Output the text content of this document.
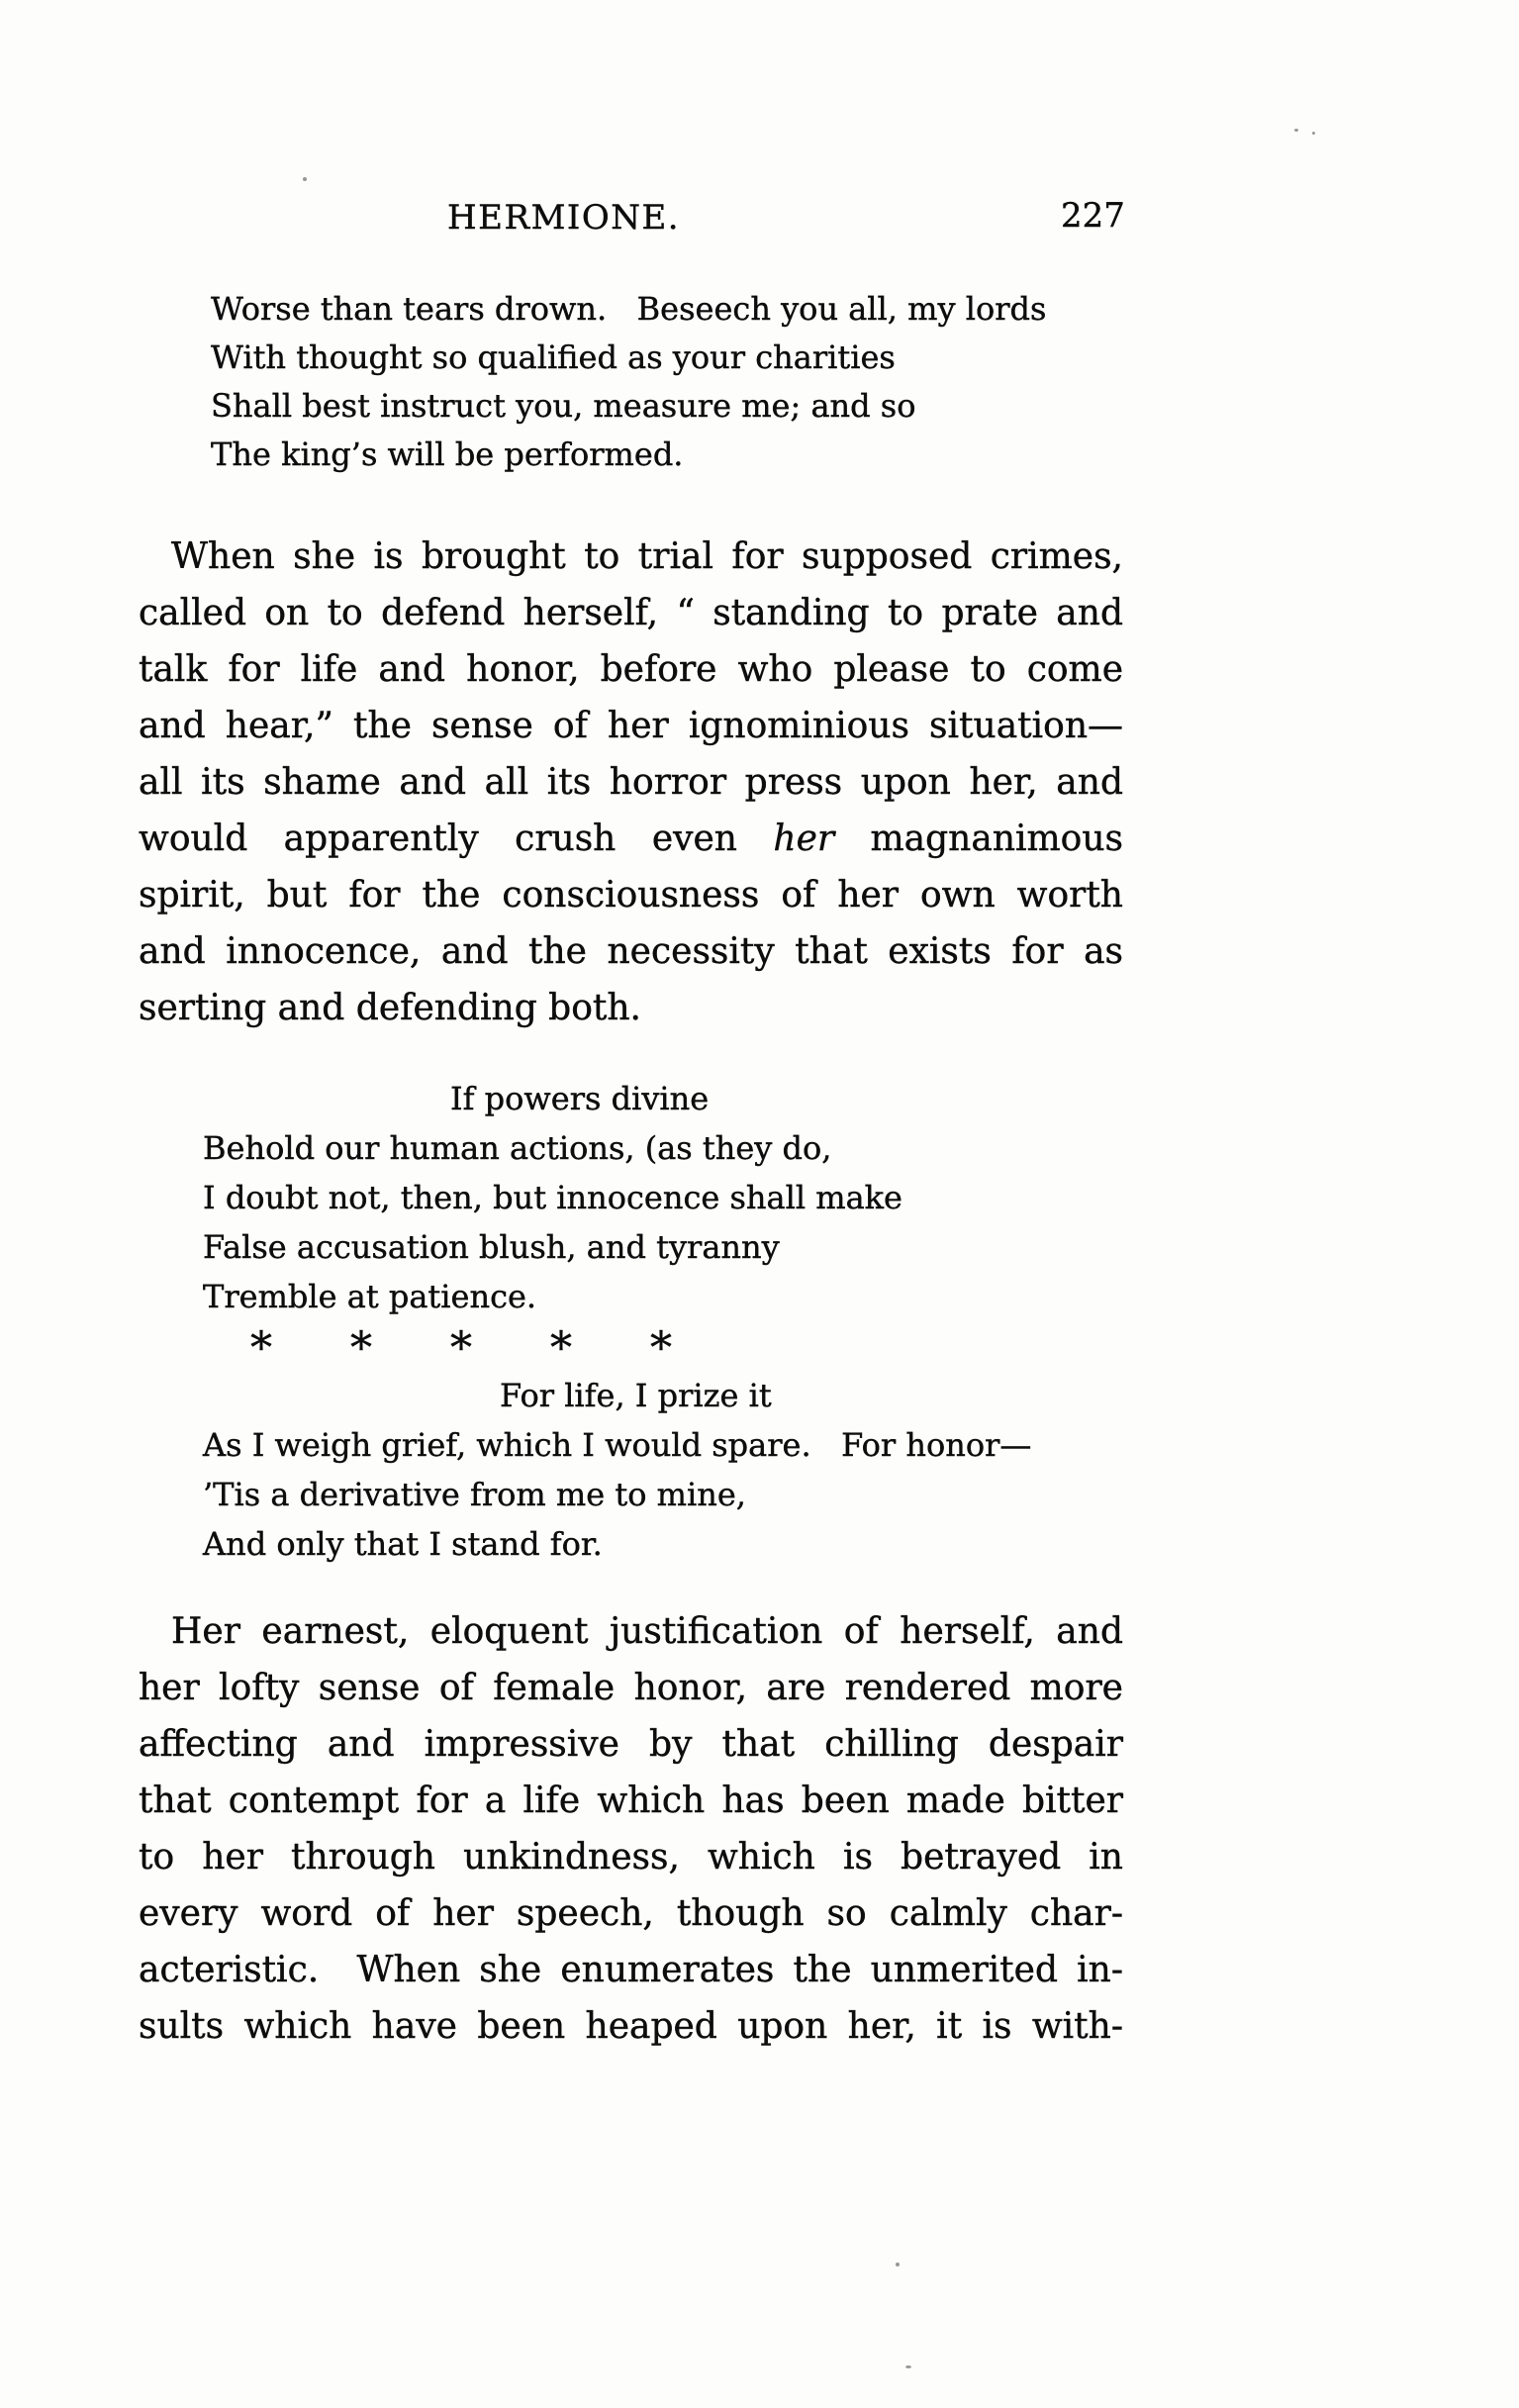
HERMIONE.	227
Worse than tears drown.   Beseech you all, my lords
With thought so qualified as your charities
Shall best instruct you, measure me; and so
The king’s will be performed.
When she is brought to trial for supposed crimes,
called on to defend herself, “ standing to prate and
talk for life and honor, before who please to come
and hear,” the sense of her ignominious situation—
all its shame and all its horror press upon her, and
would apparently crush even her magnanimous
spirit, but for the consciousness of her own worth
and innocence, and the necessity that exists for as
serting and defending both.
If powers divine
Behold our human actions, (as they do,
I doubt not, then, but innocence shall make
False accusation blush, and tyranny
Tremble at patience.
*	*	*	*	*
For life, I prize it
As I weigh grief, which I would spare.   For honor—
’Tis a derivative from me to mine,
And only that I stand for.
Her earnest, eloquent justification of herself, and
her lofty sense of female honor, are rendered more
affecting and impressive by that chilling despair
that contempt for a life which has been made bitter
to her through unkindness, which is betrayed in
every word of her speech, though so calmly char-
acteristic.  When she enumerates the unmerited in-
sults which have been heaped upon her, it is with-
